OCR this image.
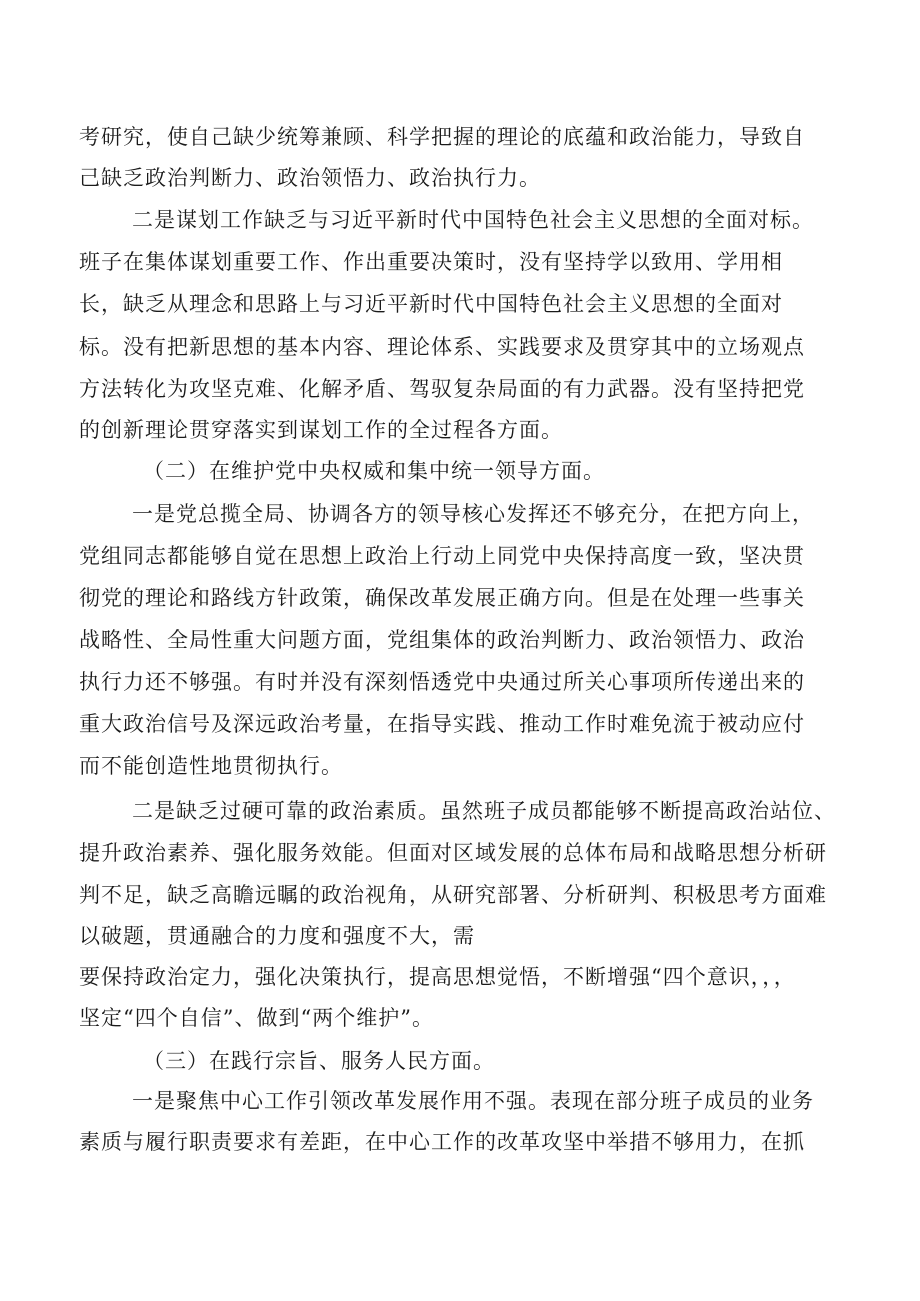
考研究，使自己缺少统筹兼顾、科学把握的理论的底蕴和政治能力，导致自

己缺乏政治判断力、政治领悟力、政治执行力。

二是谋划工作缺乏与习近平新时代中国特色社会主义思想的全面对标。

班子在集体谋划重要工作、作出重要决策时，没有坚持学以致用、学用相

长，缺乏从理念和思路上与习近平新时代中国特色社会主义思想的全面对

标。没有把新思想的基本内容、理论体系、实践要求及贯穿其中的立场观点

方法转化为攻坚克难、化解矛盾、驾驭复杂局面的有力武器。没有坚持把党

的创新理论贯穿落实到谋划工作的全过程各方面。

（二）在维护党中央权威和集中统一领导方面。

一是党总揽全局、协调各方的领导核心发挥还不够充分，在把方向上，

党组同志都能够自觉在思想上政治上行动上同党中央保持高度一致，坚决贯

彻党的理论和路线方针政策，确保改革发展正确方向。但是在处理一些事关

战略性、全局性重大问题方面，党组集体的政治判断力、政治领悟力、政治

执行力还不够强。有时并没有深刻悟透党中央通过所关心事项所传递出来的

重大政治信号及深远政治考量，在指导实践、推动工作时难免流于被动应付

而不能创造性地贯彻执行。

二是缺乏过硬可靠的政治素质。虽然班子成员都能够不断提高政治站位、

提升政治素养、强化服务效能。但面对区域发展的总体布局和战略思想分析研

判不足，缺乏高瞻远瞩的政治视角，从研究部署、分析研判、积极思考方面难

以破题，贯通融合的力度和强度不大，需

要保持政治定力，强化决策执行，提高思想觉悟，不断增强“四个意识，，，

坚定“四个自信”、做到“两个维护”。

（三）在践行宗旨、服务人民方面。

一是聚焦中心工作引领改革发展作用不强。表现在部分班子成员的业务

素质与履行职责要求有差距，在中心工作的改革攻坚中举措不够用力，在抓
